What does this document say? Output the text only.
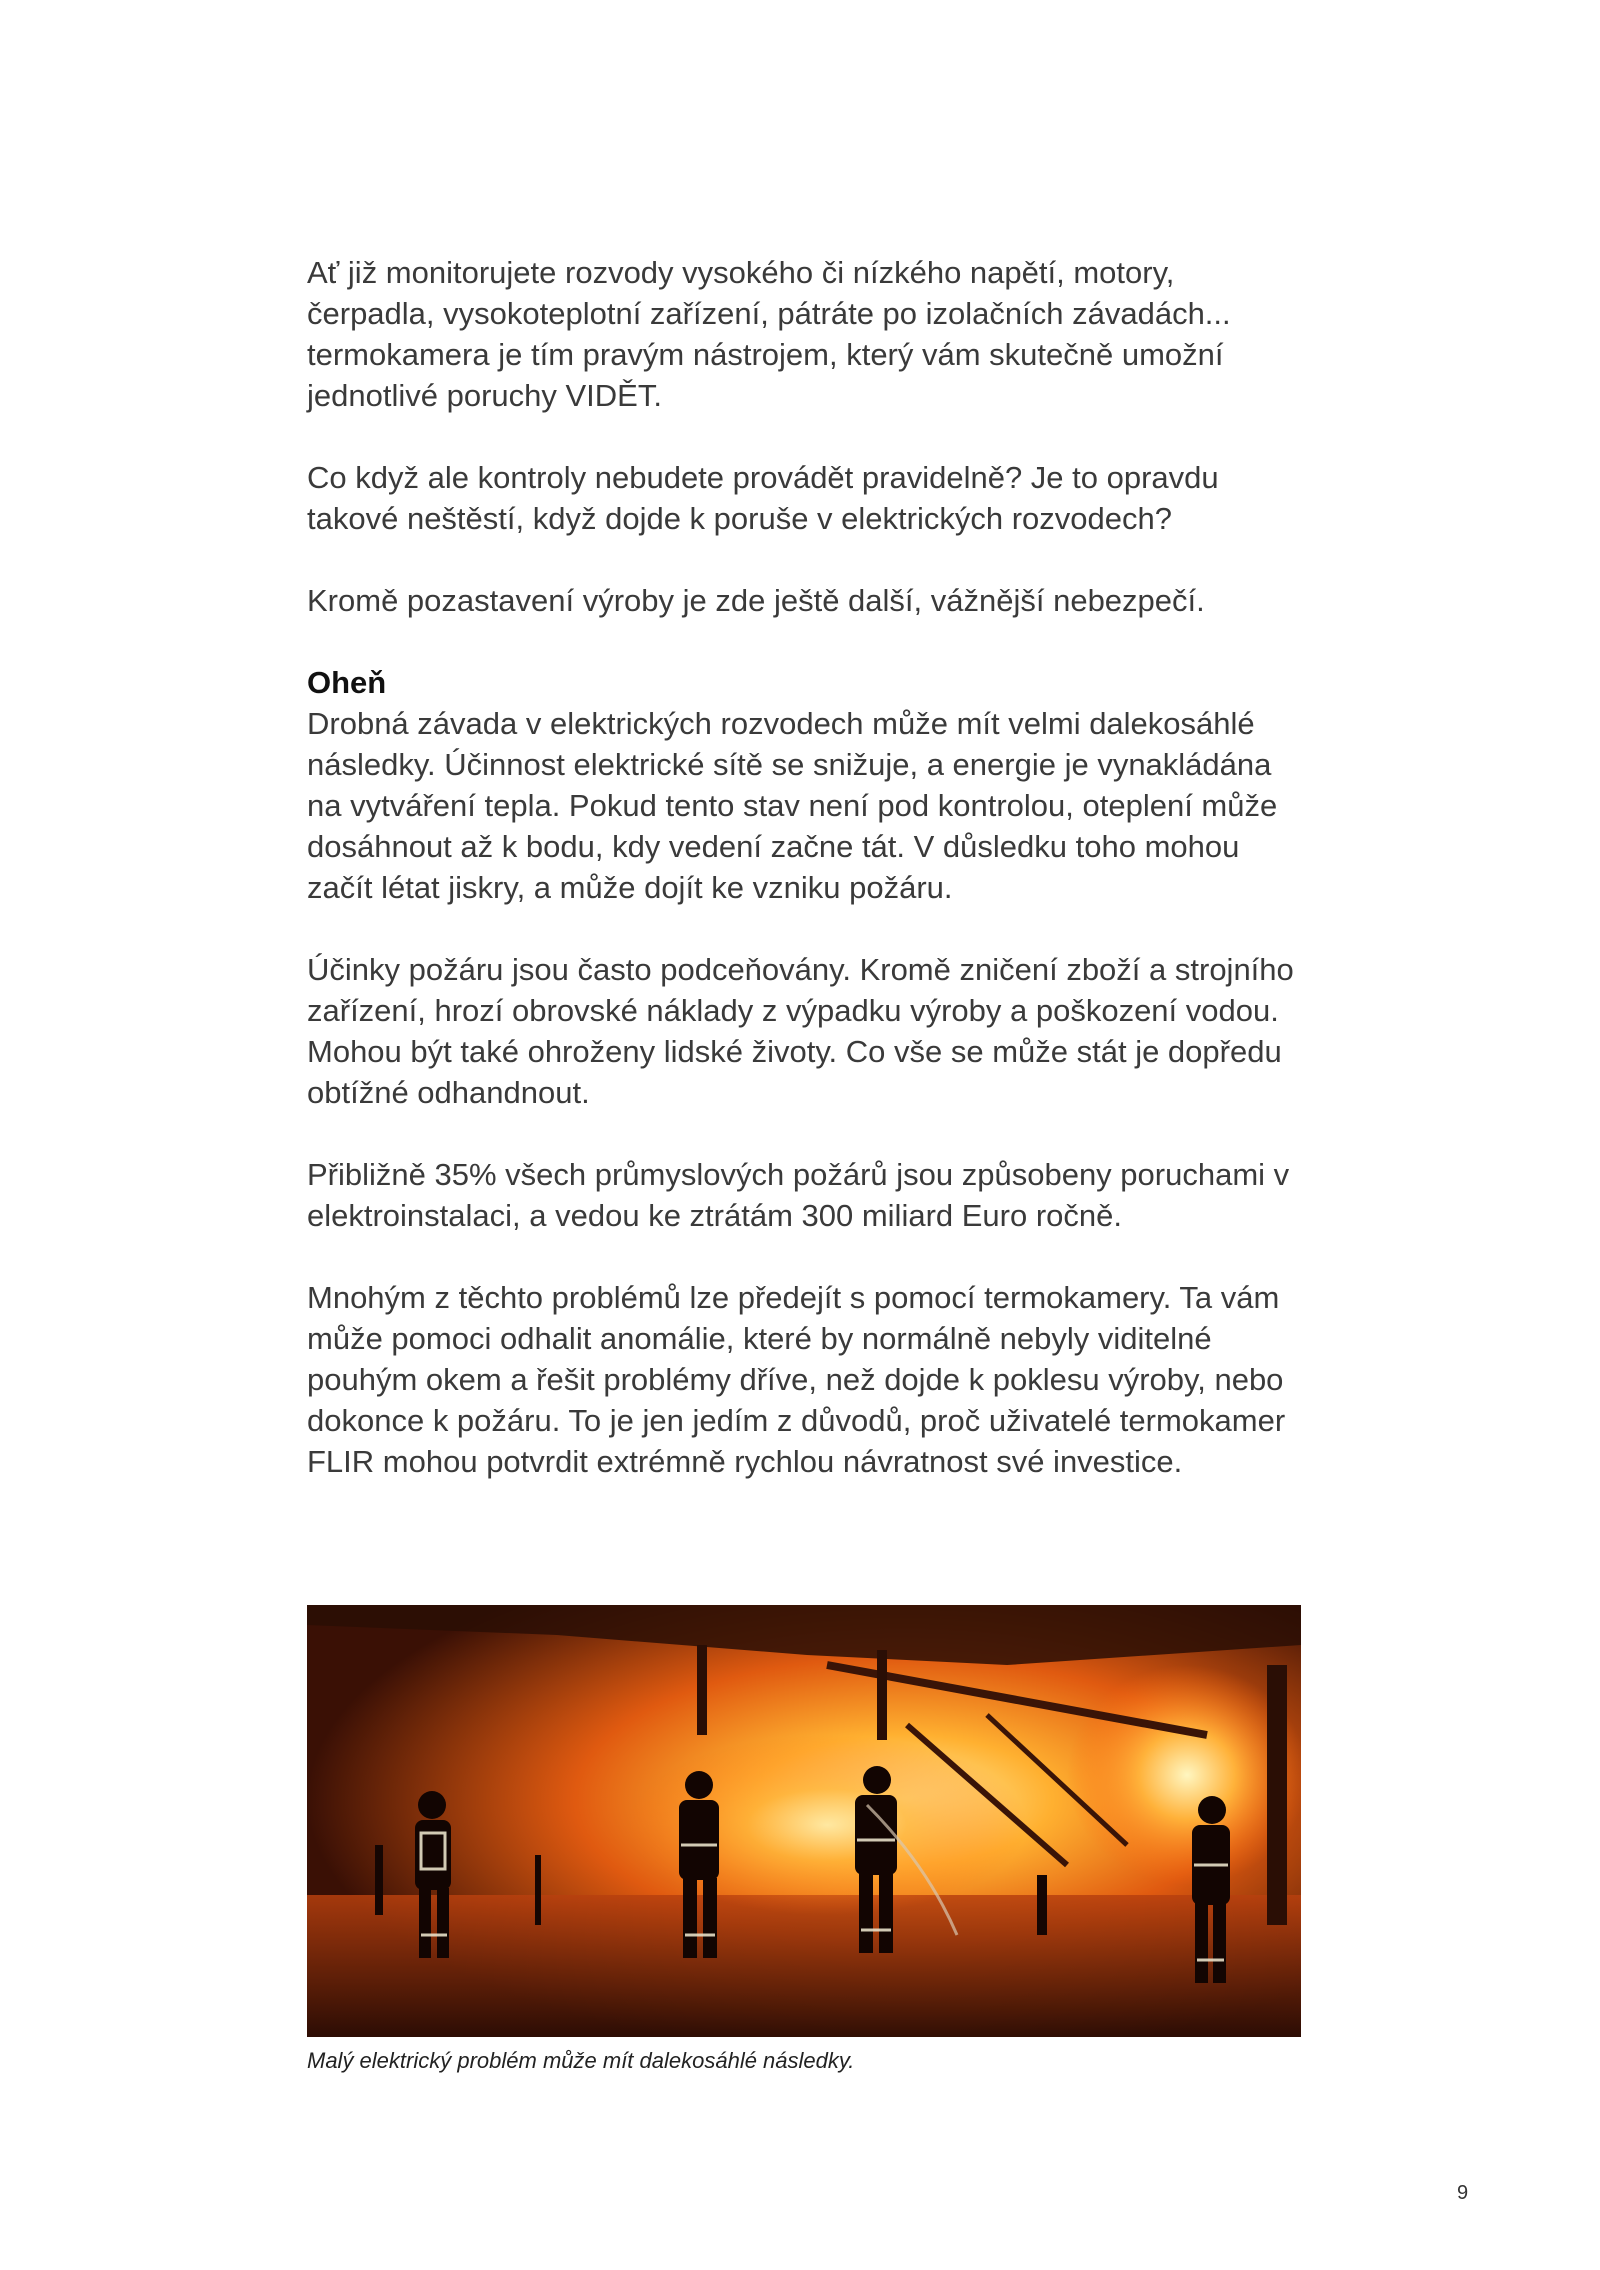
Ať již monitorujete rozvody vysokého či nízkého napětí, motory, čerpadla, vysokoteplotní zařízení, pátráte po izolačních závadách... termokamera je tím pravým nástrojem, který vám skutečně umožní jednotlivé poruchy VIDĚT.

Co když ale kontroly nebudete provádět pravidelně? Je to opravdu takové neštěstí, když dojde k poruše v elektrických rozvodech?

Kromě pozastavení výroby je zde ještě další, vážnější nebezpečí.

Oheň

Drobná závada v elektrických rozvodech může mít velmi dalekosáhlé následky. Účinnost elektrické sítě se snižuje, a energie je vynakládána na vytváření tepla. Pokud tento stav není pod kontrolou, oteplení může dosáhnout až k bodu, kdy vedení začne tát. V důsledku toho mohou začít létat jiskry, a může dojít ke vzniku požáru.

Účinky požáru jsou často podceňovány. Kromě zničení zboží a strojního zařízení, hrozí obrovské náklady z výpadku výroby a poškození vodou. Mohou být také ohroženy lidské životy. Co vše se může stát je dopředu obtížné odhandnout.

Přibližně 35% všech průmyslových požárů jsou způsobeny poruchami v elektroinstalaci, a vedou ke ztrátám 300 miliard Euro ročně.

Mnohým z těchto problémů lze předejít s pomocí termokamery. Ta vám může pomoci odhalit anomálie, které by normálně nebyly viditelné pouhým okem a řešit problémy dříve, než dojde k poklesu výroby, nebo dokonce k požáru. To je jen jedím z důvodů, proč uživatelé termokamer FLIR mohou potvrdit extrémně rychlou návratnost své investice.

Malý elektrický problém může mít dalekosáhlé následky.
9
